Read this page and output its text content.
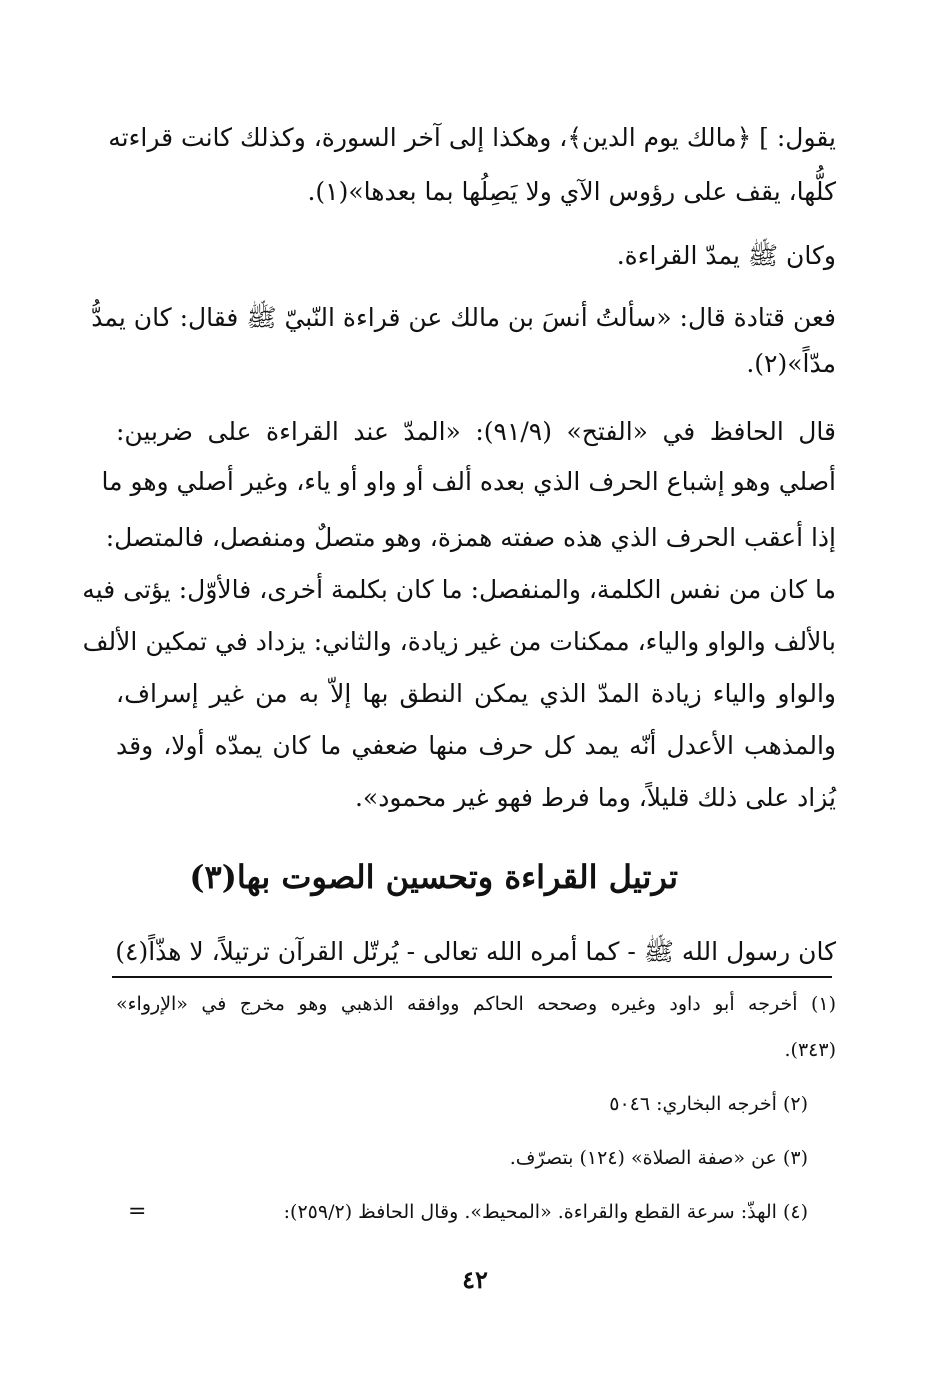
يقول: ] ﴿مالك يوم الدين﴾، وهكذا إلى آخر السورة، وكذلك كانت قراءته
كلُّها، يقف على رؤوس الآي ولا يَصِلُها بما بعدها»(١).
وكان ﷺ يمدّ القراءة.
فعن قتادة قال: «سألتُ أنسَ بن مالك عن قراءة النّبيّ ﷺ فقال: كان يمدُّ
مدّاً»(٢).
قال الحافظ في «الفتح» (٩١/٩): «المدّ عند القراءة على ضربين:
أصلي وهو إشباع الحرف الذي بعده ألف أو واو أو ياء، وغير أصلي وهو ما
إذا أعقب الحرف الذي هذه صفته همزة، وهو متصلٌ ومنفصل، فالمتصل:
ما كان من نفس الكلمة، والمنفصل: ما كان بكلمة أخرى، فالأوّل: يؤتى فيه
بالألف والواو والياء، ممكنات من غير زيادة، والثاني: يزداد في تمكين الألف
والواو والياء زيادة المدّ الذي يمكن النطق بها إلاّ به من غير إسراف،
والمذهب الأعدل أنّه يمد كل حرف منها ضعفي ما كان يمدّه أولا، وقد
يُزاد على ذلك قليلاً، وما فرط فهو غير محمود».
ترتيل القراءة وتحسين الصوت بها(٣)
كان رسول الله ﷺ - كما أمره الله تعالى - يُرتّل القرآن ترتيلاً، لا هذّاً(٤)
(١) أخرجه أبو داود وغيره وصححه الحاكم ووافقه الذهبي وهو مخرج في «الإرواء»
(٣٤٣).
(٢) أخرجه البخاري: ٥٠٤٦
(٣) عن «صفة الصلاة» (١٢٤) بتصرّف.
(٤) الهذّ: سرعة القطع والقراءة. «المحيط». وقال الحافظ (٢٥٩/٢):
=
٤٢
